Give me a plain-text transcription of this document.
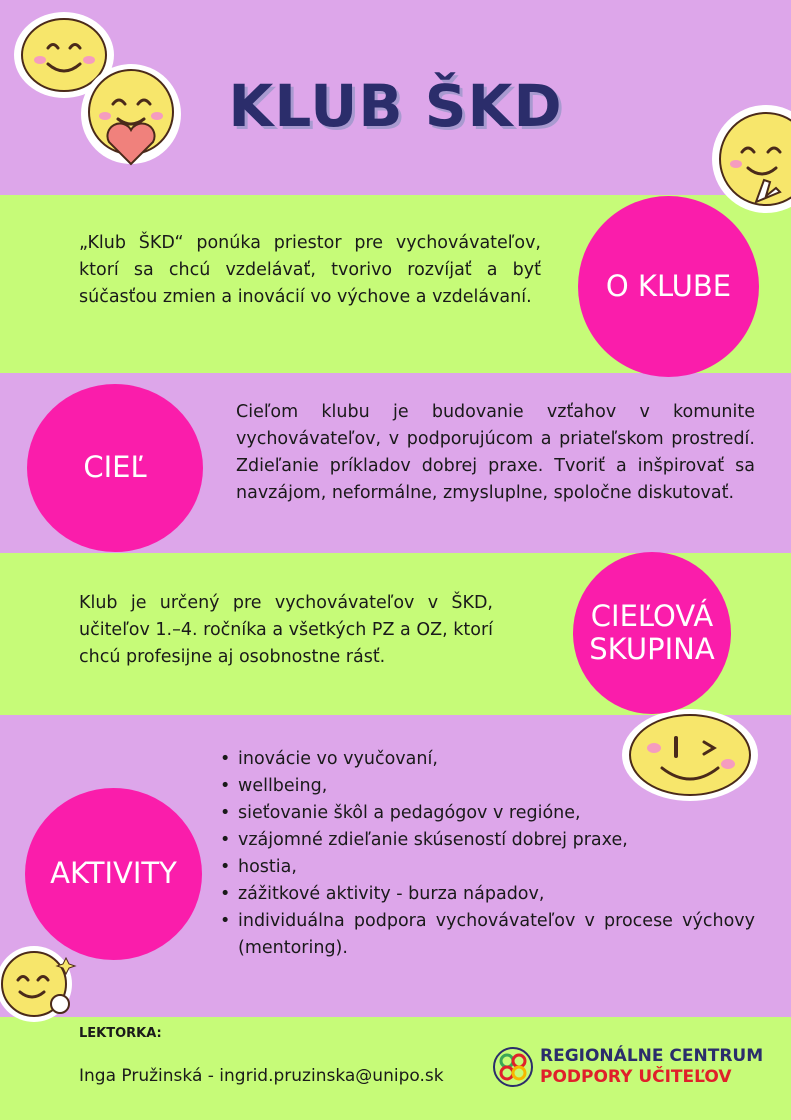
KLUB ŠKD
„Klub ŠKD“ ponúka priestor pre vychovávateľov, ktorí sa chcú vzdelávať, tvorivo rozvíjať a byť súčasťou zmien a inovácií vo výchove a vzdelávaní.	O KLUBE
CIEĽ
Cieľom klubu je budovanie vzťahov v komunite vychovávateľov, v podporujúcom a priateľskom prostredí. Zdieľanie príkladov dobrej praxe. Tvoriť a inšpirovať sa navzájom, neformálne, zmysluplne, spoločne diskutovať.
Klub je určený pre vychovávateľov v ŠKD, učiteľov 1.–4. ročníka a všetkých PZ a OZ, ktorí chcú profesijne aj osobnostne rásť.
CIEĽOVÁ
SKUPINA
AKTIVITY
• inovácie vo vyučovaní,
• wellbeing,
• sieťovanie škôl a pedagógov v regióne,
• vzájomné zdieľanie skúseností dobrej praxe,
• hostia,
• zážitkové aktivity - burza nápadov,
• individuálna podpora vychovávateľov v procese výchovy (mentoring).
LEKTORKA:
Inga Pružinská - ingrid.pruzinska@unipo.sk
REGIONÁLNE CENTRUM
PODPORY UČITEĽOV
